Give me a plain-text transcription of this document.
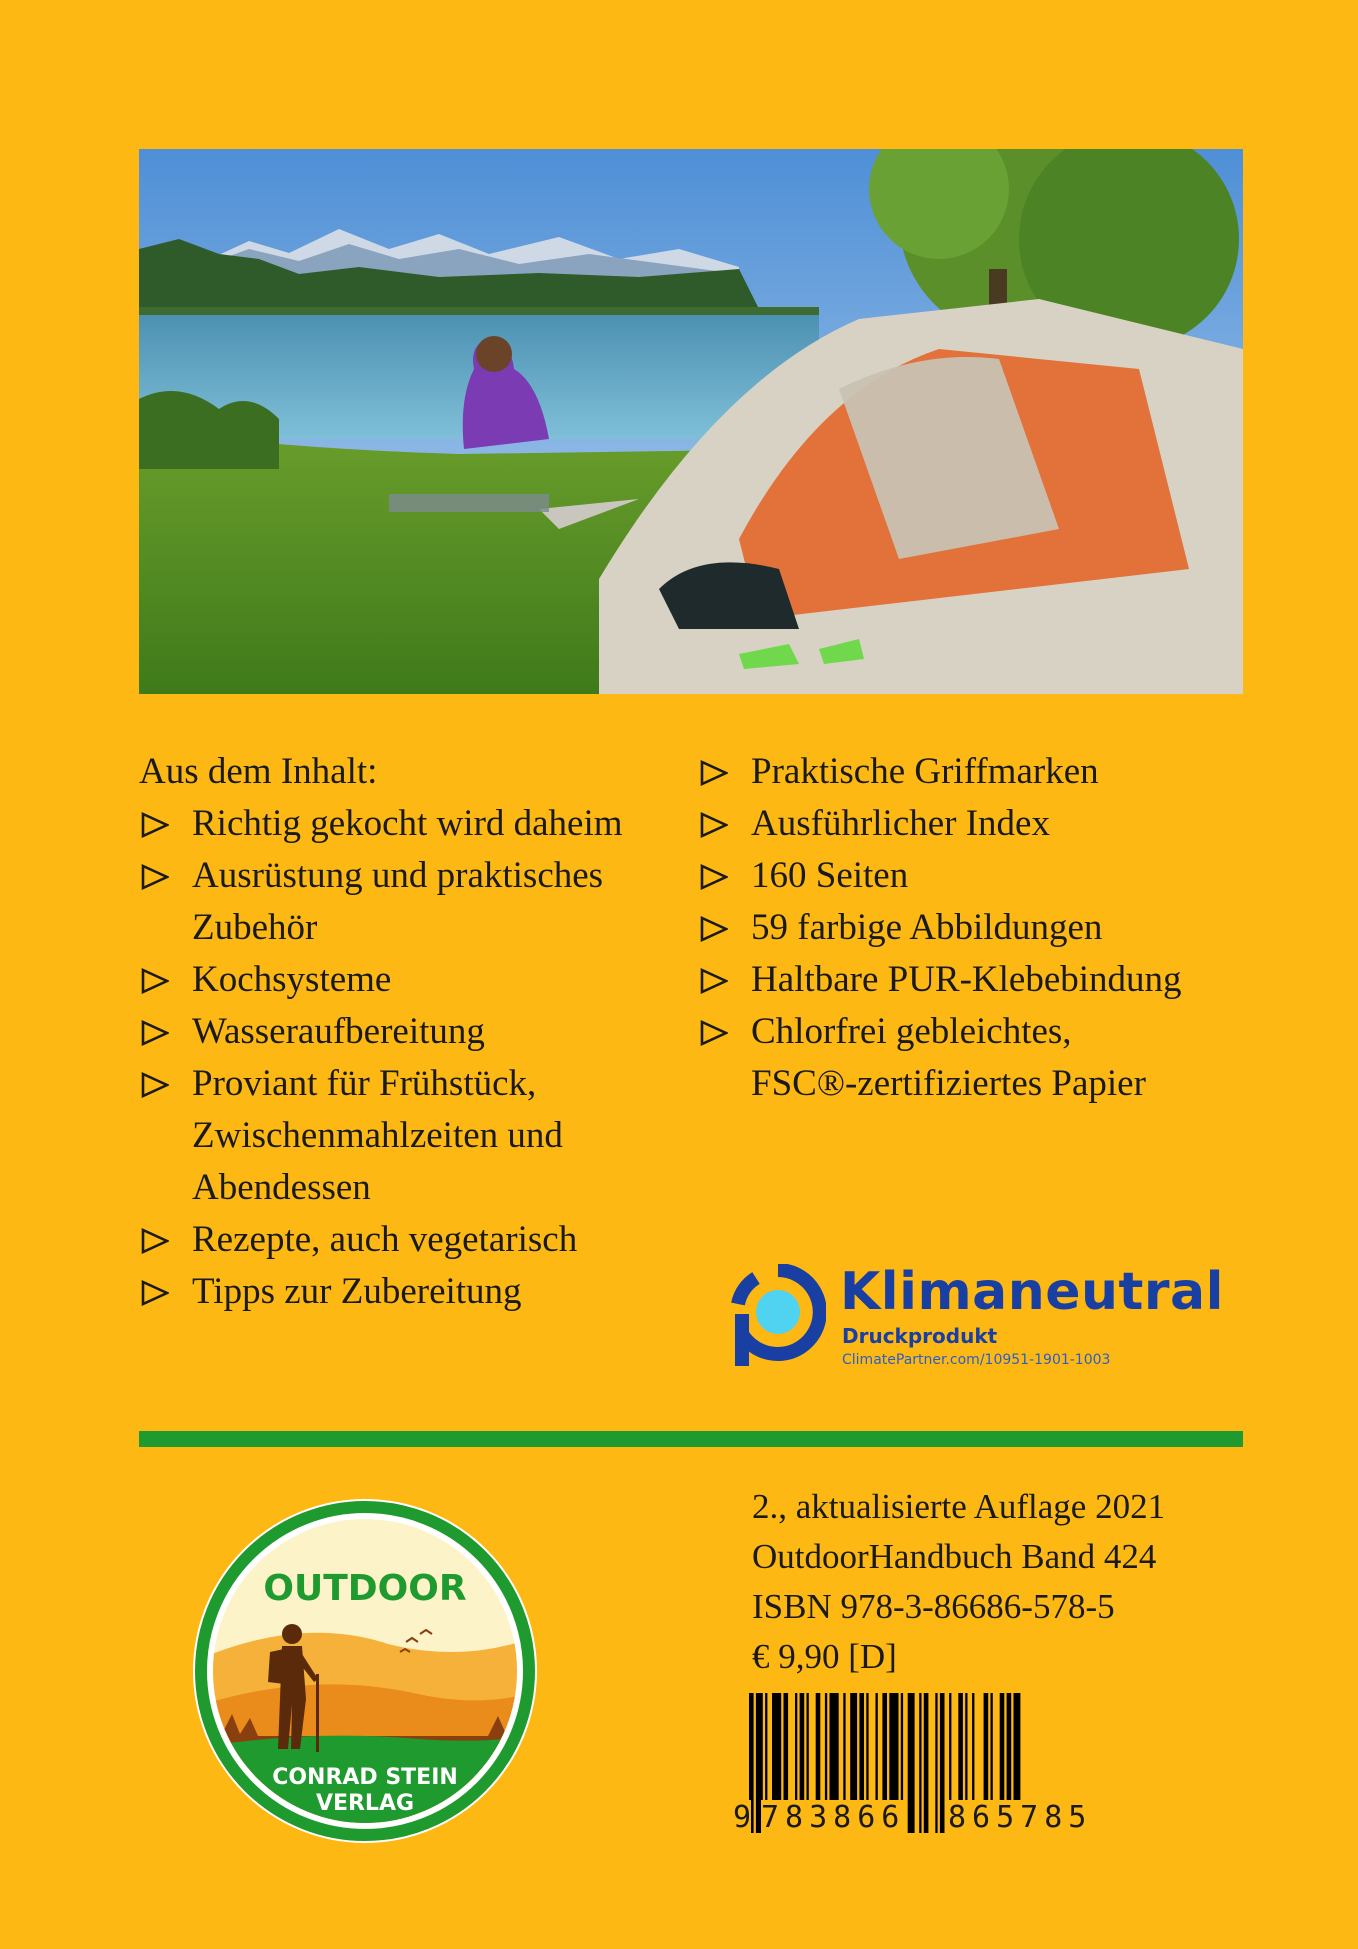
Aus dem Inhalt:

Richtig gekocht wird daheim
Ausrüstung und praktisches
Zubehör
Kochsysteme
Wasseraufbereitung
Proviant für Frühstück,
Zwischenmahlzeiten und
Abendessen
Rezepte, auch vegetarisch
Tipps zur Zubereitung
Praktische Griffmarken
Ausführlicher Index
160 Seiten
59 farbige Abbildungen
Haltbare PUR-Klebebindung
Chlorfrei gebleichtes,
FSC®-zertifiziertes Papier
Klimaneutral
Druckprodukt
ClimatePartner.com/10951-1901-1003
OUTDOOR
CONRAD STEIN
VERLAG
2., aktualisierte Auflage 2021
OutdoorHandbuch Band 424
ISBN 978-3-86686-578-5
€ 9,90 [D]
9 783866 865785
